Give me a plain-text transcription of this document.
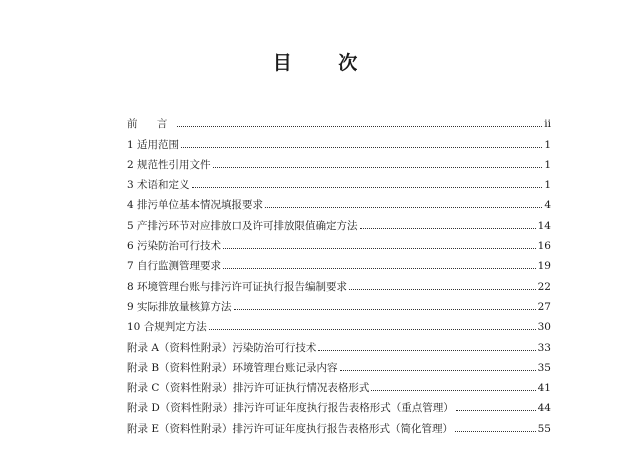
目 次
前 言	ii
1 适用范围	1
2 规范性引用文件	1
3 术语和定义	1
4 排污单位基本情况填报要求	4
5 产排污环节对应排放口及许可排放限值确定方法	14
6 污染防治可行技术	16
7 自行监测管理要求	19
8 环境管理台账与排污许可证执行报告编制要求	22
9 实际排放量核算方法	27
10 合规判定方法	30
附录 A（资料性附录）污染防治可行技术	33
附录 B（资料性附录）环境管理台账记录内容	35
附录 C（资料性附录）排污许可证执行情况表格形式	41
附录 D（资料性附录）排污许可证年度执行报告表格形式（重点管理）	44
附录 E（资料性附录）排污许可证年度执行报告表格形式（简化管理）	55
